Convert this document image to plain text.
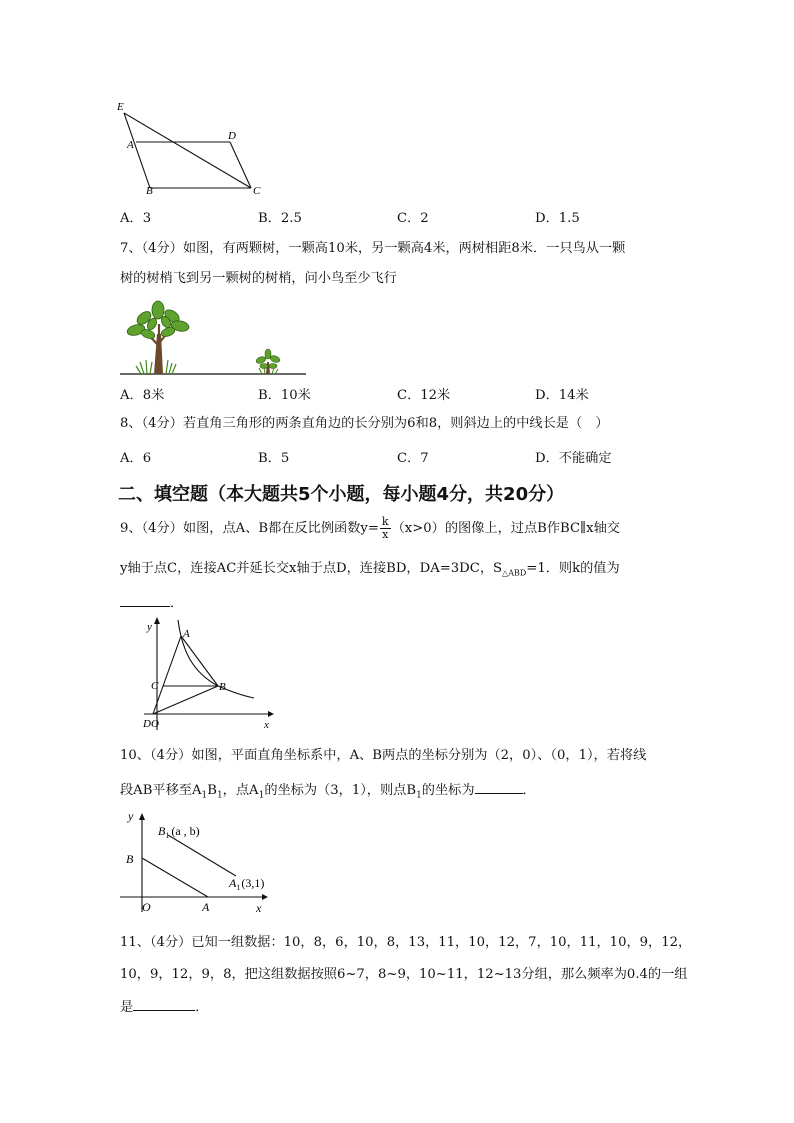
E
D
A
B	C
A．3	B．2.5	C．2	D．1.5
7、（4分）如图，有两颗树，一颗高10米，另一颗高4米，两树相距8米．一只鸟从一颗
树的树梢飞到另一颗树的树梢，问小鸟至少飞行
A．8米	B．10米	C．12米	D．14米
8、（4分）若直角三角形的两条直角边的长分别为6和8，则斜边上的中线长是（　）
A．6	B．5	C．7	D．不能确定
二、填空题（本大题共5个小题，每小题4分，共20分）
9、（4分）如图，点A、B都在反比例函数$y= \frac{k}{x} (x>0)$的图像上，过点B作BC∥x轴交
y轴于点C，连接AC并延长交x轴于点D，连接BD，DA=3DC，$S_{\triangle ABD}=1$．则k的值为
．
y
x
A
B
C
DO
10、（4分）如图，平面直角坐标系中，A、B两点的坐标分别为（2，0）、（0，1），若将线
段AB平移至$A_1B_1$，点$A_1$的坐标为（3，1），则点$B_1$的坐标为	．
y
x
B
O	A
$B_1$ (a , b)
$A_1(3,1)$
11、（4分）已知一组数据：10，8，6，10，8，13，11，10，12，7，10，11，10，9，12，
10，9，12，9，8，把这组数据按照6~7，8~9，10~11，12~13分组，那么频率为0.4的一组
是	．
